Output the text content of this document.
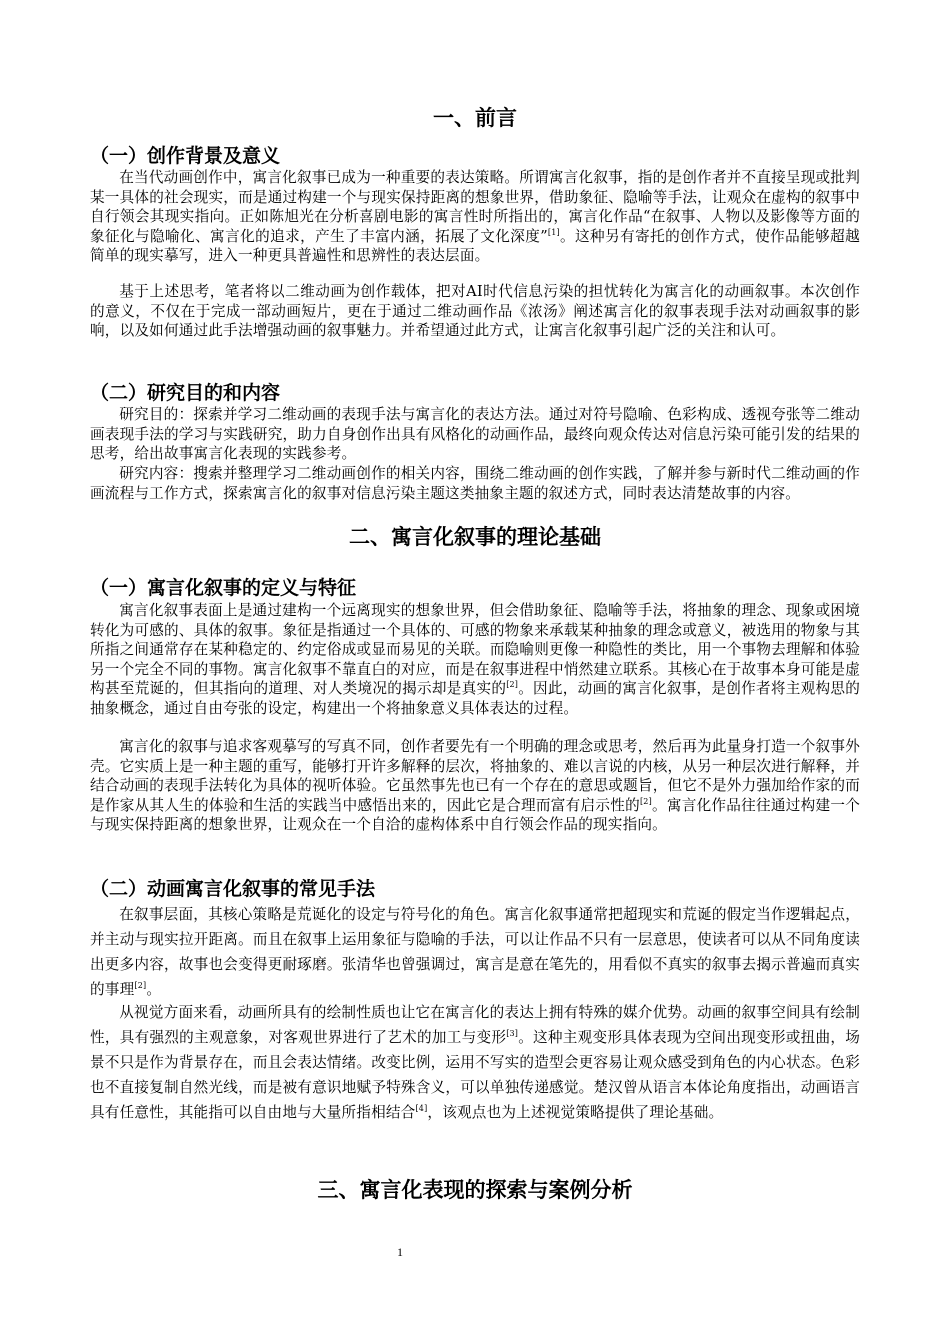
一、前言
（一）创作背景及意义

在当代动画创作中，寓言化叙事已成为一种重要的表达策略。所谓寓言化叙事，指的是创作者并不直接呈现或批判某一具体的社会现实，而是通过构建一个与现实保持距离的想象世界，借助象征、隐喻等手法，让观众在虚构的叙事中自行领会其现实指向。正如陈旭光在分析喜剧电影的寓言性时所指出的，寓言化作品“在叙事、人物以及影像等方面的象征化与隐喻化、寓言化的追求，产生了丰富内涵，拓展了文化深度”[1]。这种另有寄托的创作方式，使作品能够超越简单的现实摹写，进入一种更具普遍性和思辨性的表达层面。

基于上述思考，笔者将以二维动画为创作载体，把对AI时代信息污染的担忧转化为寓言化的动画叙事。本次创作的意义，不仅在于完成一部动画短片，更在于通过二维动画作品《浓汤》阐述寓言化的叙事表现手法对动画叙事的影响，以及如何通过此手法增强动画的叙事魅力。并希望通过此方式，让寓言化叙事引起广泛的关注和认可。

（二）研究目的和内容

研究目的：探索并学习二维动画的表现手法与寓言化的表达方法。通过对符号隐喻、色彩构成、透视夸张等二维动画表现手法的学习与实践研究，助力自身创作出具有风格化的动画作品，最终向观众传达对信息污染可能引发的结果的思考，给出故事寓言化表现的实践参考。

研究内容：搜索并整理学习二维动画创作的相关内容，围绕二维动画的创作实践，了解并参与新时代二维动画的作画流程与工作方式，探索寓言化的叙事对信息污染主题这类抽象主题的叙述方式，同时表达清楚故事的内容。

二、寓言化叙事的理论基础
（一）寓言化叙事的定义与特征

寓言化叙事表面上是通过建构一个远离现实的想象世界，但会借助象征、隐喻等手法，将抽象的理念、现象或困境转化为可感的、具体的叙事。象征是指通过一个具体的、可感的物象来承载某种抽象的理念或意义，被选用的物象与其所指之间通常存在某种稳定的、约定俗成或显而易见的关联。而隐喻则更像一种隐性的类比，用一个事物去理解和体验另一个完全不同的事物。寓言化叙事不靠直白的对应，而是在叙事进程中悄然建立联系。其核心在于故事本身可能是虚构甚至荒诞的，但其指向的道理、对人类境况的揭示却是真实的[2]。因此，动画的寓言化叙事，是创作者将主观构思的抽象概念，通过自由夸张的设定，构建出一个将抽象意义具体表达的过程。

寓言化的叙事与追求客观摹写的写真不同，创作者要先有一个明确的理念或思考，然后再为此量身打造一个叙事外壳。它实质上是一种主题的重写，能够打开许多解释的层次，将抽象的、难以言说的内核，从另一种层次进行解释，并结合动画的表现手法转化为具体的视听体验。它虽然事先也已有一个存在的意思或题旨，但它不是外力强加给作家的而是作家从其人生的体验和生活的实践当中感悟出来的，因此它是合理而富有启示性的[2]。寓言化作品往往通过构建一个与现实保持距离的想象世界，让观众在一个自洽的虚构体系中自行领会作品的现实指向。

（二）动画寓言化叙事的常见手法

在叙事层面，其核心策略是荒诞化的设定与符号化的角色。寓言化叙事通常把超现实和荒诞的假定当作逻辑起点，并主动与现实拉开距离。而且在叙事上运用象征与隐喻的手法，可以让作品不只有一层意思，使读者可以从不同角度读出更多内容，故事也会变得更耐琢磨。张清华也曾强调过，寓言是意在笔先的，用看似不真实的叙事去揭示普遍而真实的事理[2]。

从视觉方面来看，动画所具有的绘制性质也让它在寓言化的表达上拥有特殊的媒介优势。动画的叙事空间具有绘制性，具有强烈的主观意象，对客观世界进行了艺术的加工与变形[3]。这种主观变形具体表现为空间出现变形或扭曲，场景不只是作为背景存在，而且会表达情绪。改变比例，运用不写实的造型会更容易让观众感受到角色的内心状态。色彩也不直接复制自然光线，而是被有意识地赋予特殊含义，可以单独传递感觉。楚汉曾从语言本体论角度指出，动画语言具有任意性，其能指可以自由地与大量所指相结合[4]，该观点也为上述视觉策略提供了理论基础。

三、寓言化表现的探索与案例分析
1
